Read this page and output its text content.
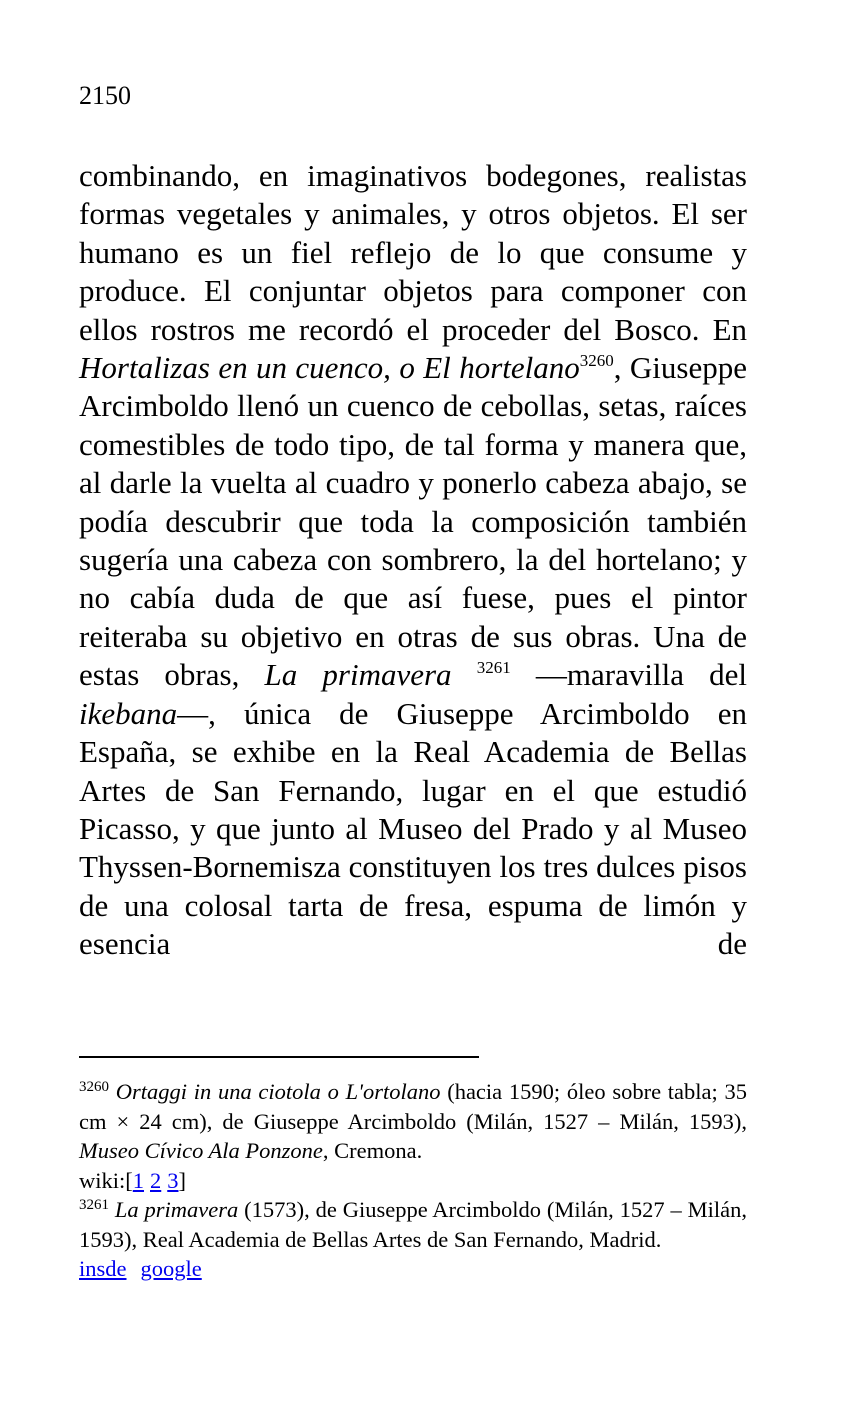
2150

combinando, en imaginativos bodegones, realistas formas vegetales y animales, y otros objetos. El ser humano es un fiel reflejo de lo que consume y produce. El conjuntar objetos para componer con ellos rostros me recordó el proceder del Bosco. En Hortalizas en un cuenco, o El hortelano$^{3260}$, Giuseppe Arcimboldo llenó un cuenco de cebollas, setas, raíces comestibles de todo tipo, de tal forma y manera que, al darle la vuelta al cuadro y ponerlo cabeza abajo, se podía descubrir que toda la composición también sugería una cabeza con sombrero, la del hortelano; y no cabía duda de que así fuese, pues el pintor reiteraba su objetivo en otras de sus obras. Una de estas obras, La primavera $^{3261}$ —maravilla del ikebana—, única de Giuseppe Arcimboldo en España, se exhibe en la Real Academia de Bellas Artes de San Fernando, lugar en el que estudió Picasso, y que junto al Museo del Prado y al Museo Thyssen-Bornemisza constituyen los tres dulces pisos de una colosal tarta de fresa, espuma de limón y esencia de

$^{3260}$ Ortaggi in una ciotola o L'ortolano (hacia 1590; óleo sobre tabla; 35 cm × 24 cm), de Giuseppe Arcimboldo (Milán, 1527 – Milán, 1593), Museo Cívico Ala Ponzone, Cremona.

wiki:[1 2 3]

$^{3261}$ La primavera (1573), de Giuseppe Arcimboldo (Milán, 1527 – Milán, 1593), Real Academia de Bellas Artes de San Fernando, Madrid.

insde google
